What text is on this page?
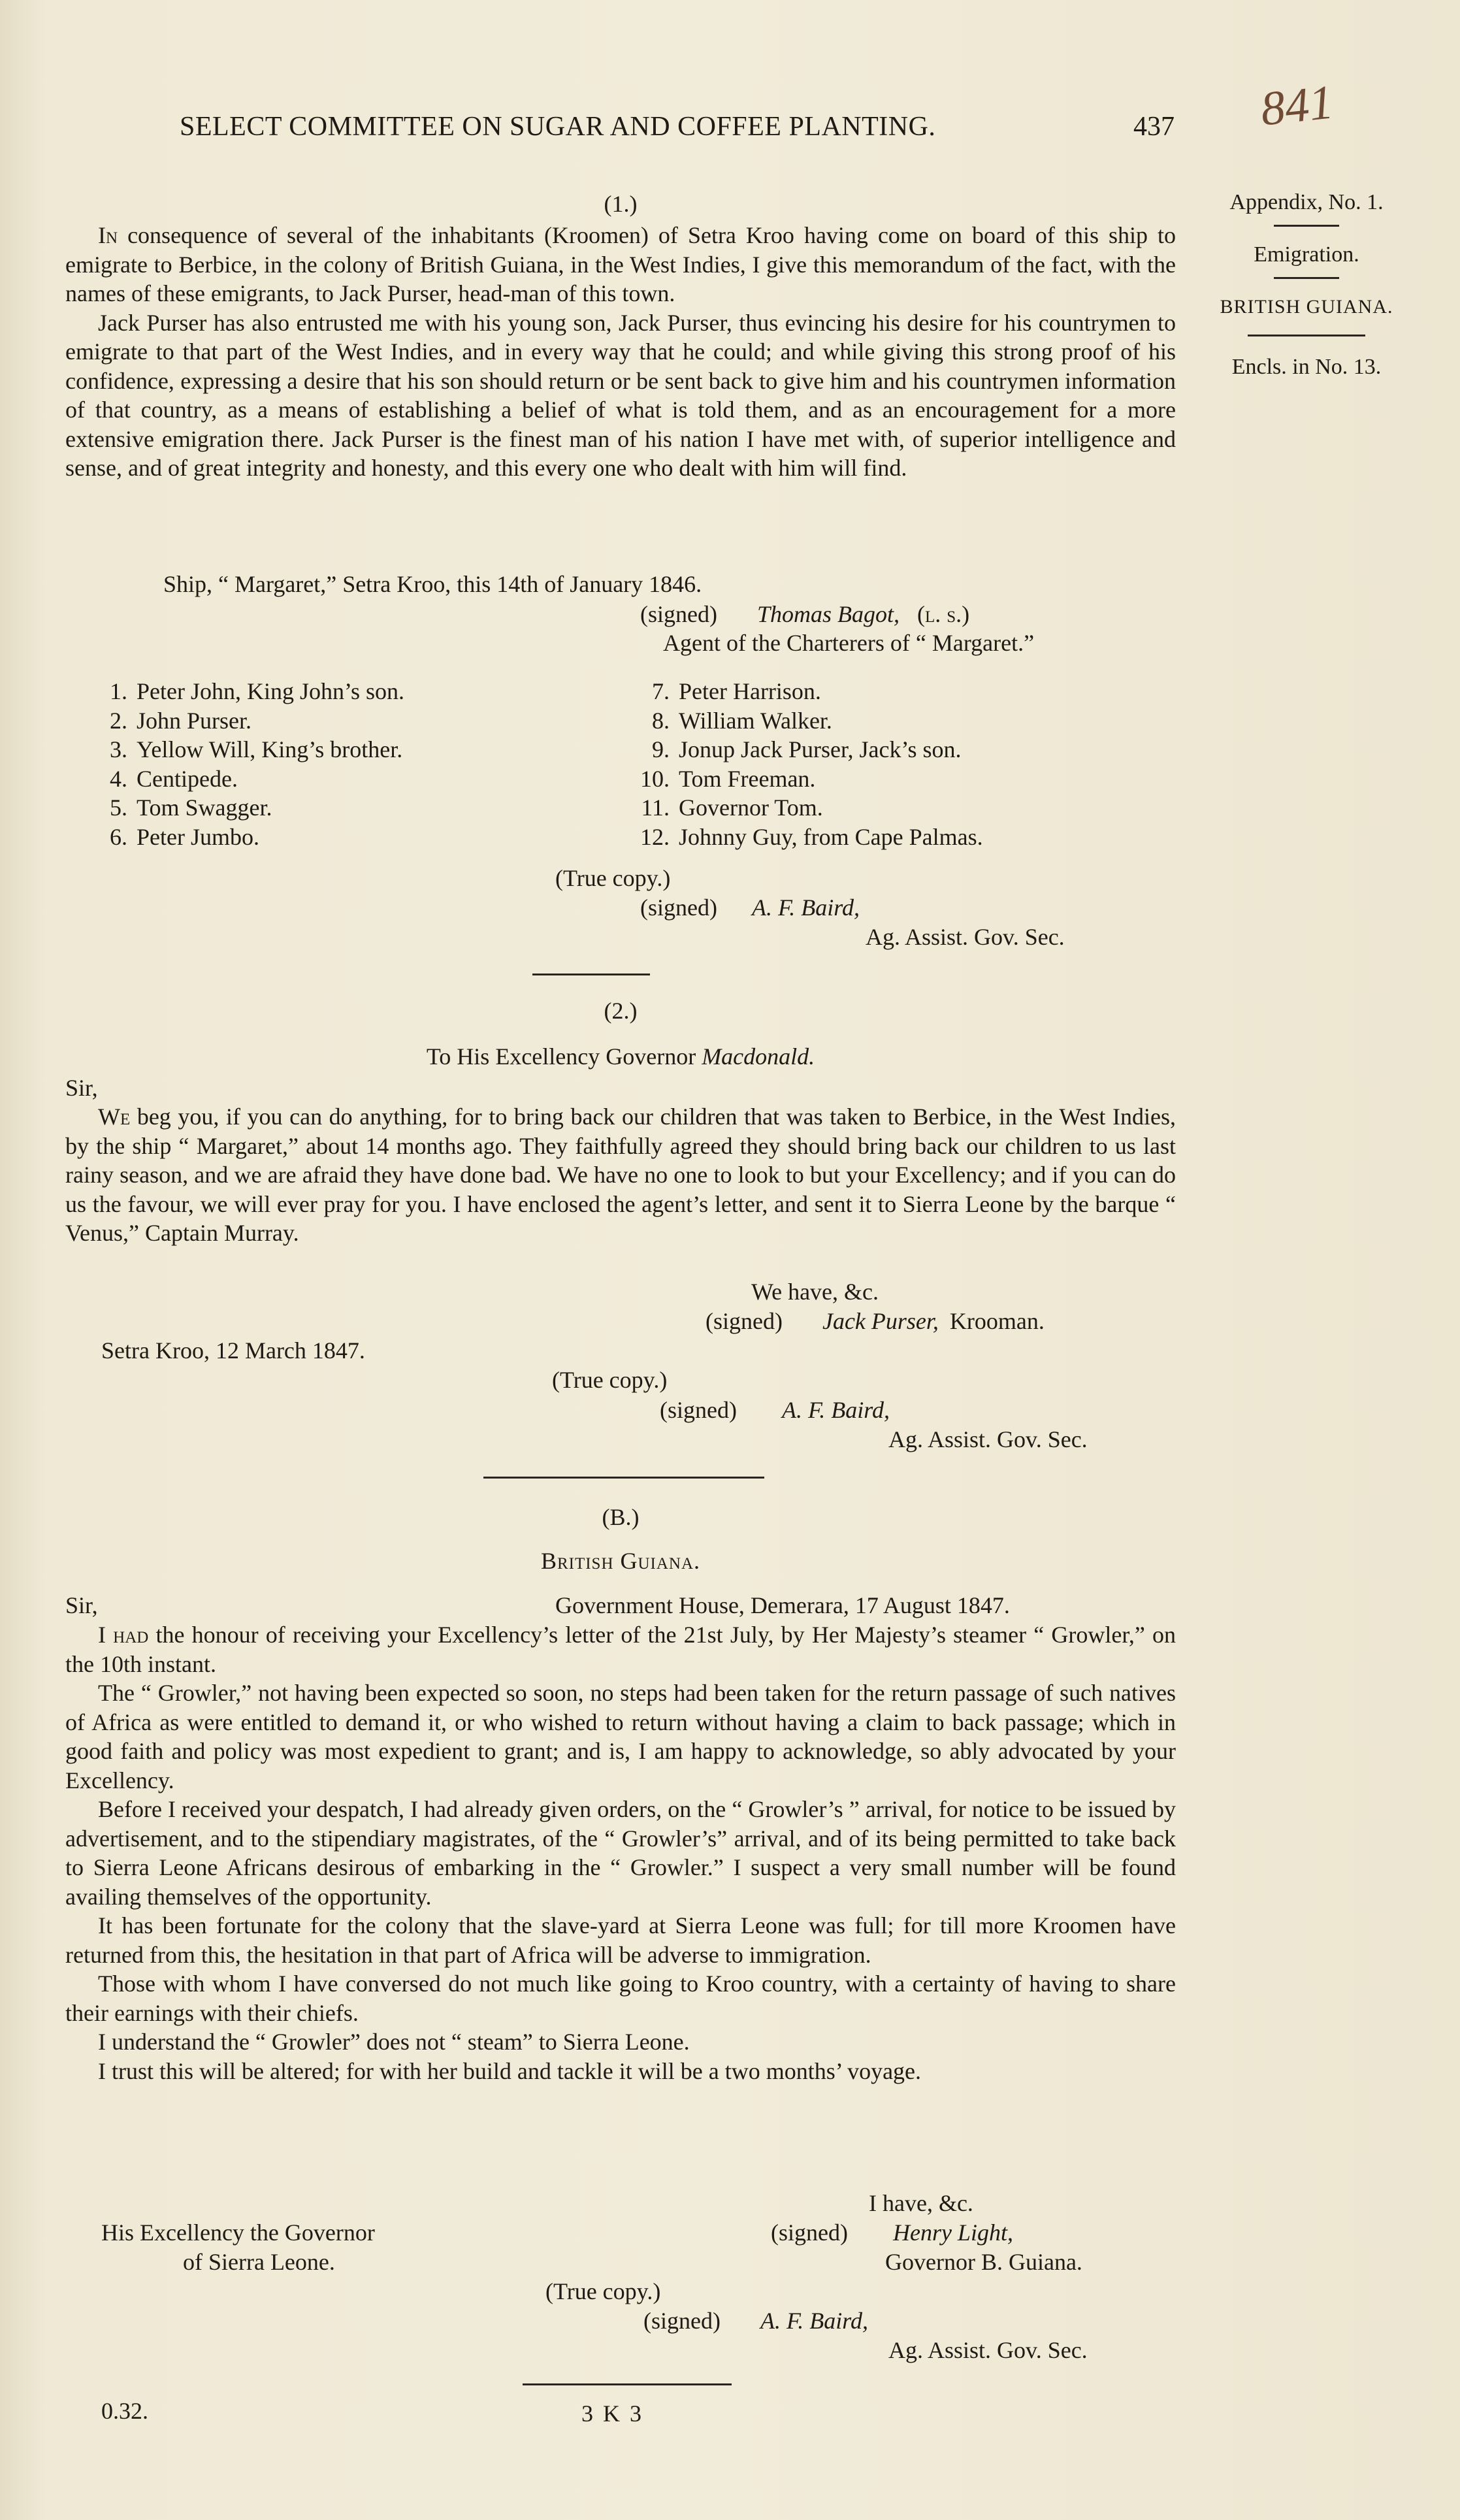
SELECT COMMITTEE ON SUGAR AND COFFEE PLANTING.	437 841
Appendix, No. 1.
Emigration.
BRITISH GUIANA.
Encls. in No. 13.
(1.)

In consequence of several of the inhabitants (Kroomen) of Setra Kroo having come on board of this ship to emigrate to Berbice, in the colony of British Guiana, in the West Indies, I give this memorandum of the fact, with the names of these emigrants, to Jack Purser, head-man of this town.

Jack Purser has also entrusted me with his young son, Jack Purser, thus evincing his desire for his countrymen to emigrate to that part of the West Indies, and in every way that he could; and while giving this strong proof of his confidence, expressing a desire that his son should return or be sent back to give him and his countrymen information of that country, as a means of establishing a belief of what is told them, and as an encouragement for a more extensive emigration there. Jack Purser is the finest man of his nation I have met with, of superior intelligence and sense, and of great integrity and honesty, and this every one who dealt with him will find.

Ship, “ Margaret,” Setra Kroo, this 14th of January 1846.
(signed) Thomas Bagot, (l. s.)
Agent of the Charterers of “ Margaret.”
1. Peter John, King John’s son.
2. John Purser.
3. Yellow Will, King’s brother.
4. Centipede.
5. Tom Swagger.
6. Peter Jumbo.
7. Peter Harrison.
8. William Walker.
9. Jonup Jack Purser, Jack’s son.
10. Tom Freeman.
11. Governor Tom.
12. Johnny Guy, from Cape Palmas.
(True copy.)
(signed) A. F. Baird,
Ag. Assist. Gov. Sec.
(2.)
To His Excellency Governor Macdonald.
Sir,

We beg you, if you can do anything, for to bring back our children that was taken to Berbice, in the West Indies, by the ship “ Margaret,” about 14 months ago. They faithfully agreed they should bring back our children to us last rainy season, and we are afraid they have done bad. We have no one to look to but your Excellency; and if you can do us the favour, we will ever pray for you. I have enclosed the agent’s letter, and sent it to Sierra Leone by the barque “ Venus,” Captain Murray.

We have, &c.
(signed) Jack Purser, Krooman.
Setra Kroo, 12 March 1847.
(True copy.)
(signed) A. F. Baird,
Ag. Assist. Gov. Sec.
(B.)
British Guiana.
Sir,	Government House, Demerara, 17 August 1847.

I had the honour of receiving your Excellency’s letter of the 21st July, by Her Majesty’s steamer “ Growler,” on the 10th instant.

The “ Growler,” not having been expected so soon, no steps had been taken for the return passage of such natives of Africa as were entitled to demand it, or who wished to return without having a claim to back passage; which in good faith and policy was most expedient to grant; and is, I am happy to acknowledge, so ably advocated by your Excellency.

Before I received your despatch, I had already given orders, on the “ Growler’s ” arrival, for notice to be issued by advertisement, and to the stipendiary magistrates, of the “ Growler’s” arrival, and of its being permitted to take back to Sierra Leone Africans desirous of embarking in the “ Growler.” I suspect a very small number will be found availing themselves of the opportunity.

It has been fortunate for the colony that the slave-yard at Sierra Leone was full; for till more Kroomen have returned from this, the hesitation in that part of Africa will be adverse to immigration.

Those with whom I have conversed do not much like going to Kroo country, with a certainty of having to share their earnings with their chiefs.

I understand the “ Growler” does not “ steam” to Sierra Leone.

I trust this will be altered; for with her build and tackle it will be a two months’ voyage.

I have, &c.
(signed) Henry Light,
Governor B. Guiana.
His Excellency the Governor
of Sierra Leone.
(True copy.)
(signed) A. F. Baird,
Ag. Assist. Gov. Sec.
0.32.	3 K 3
